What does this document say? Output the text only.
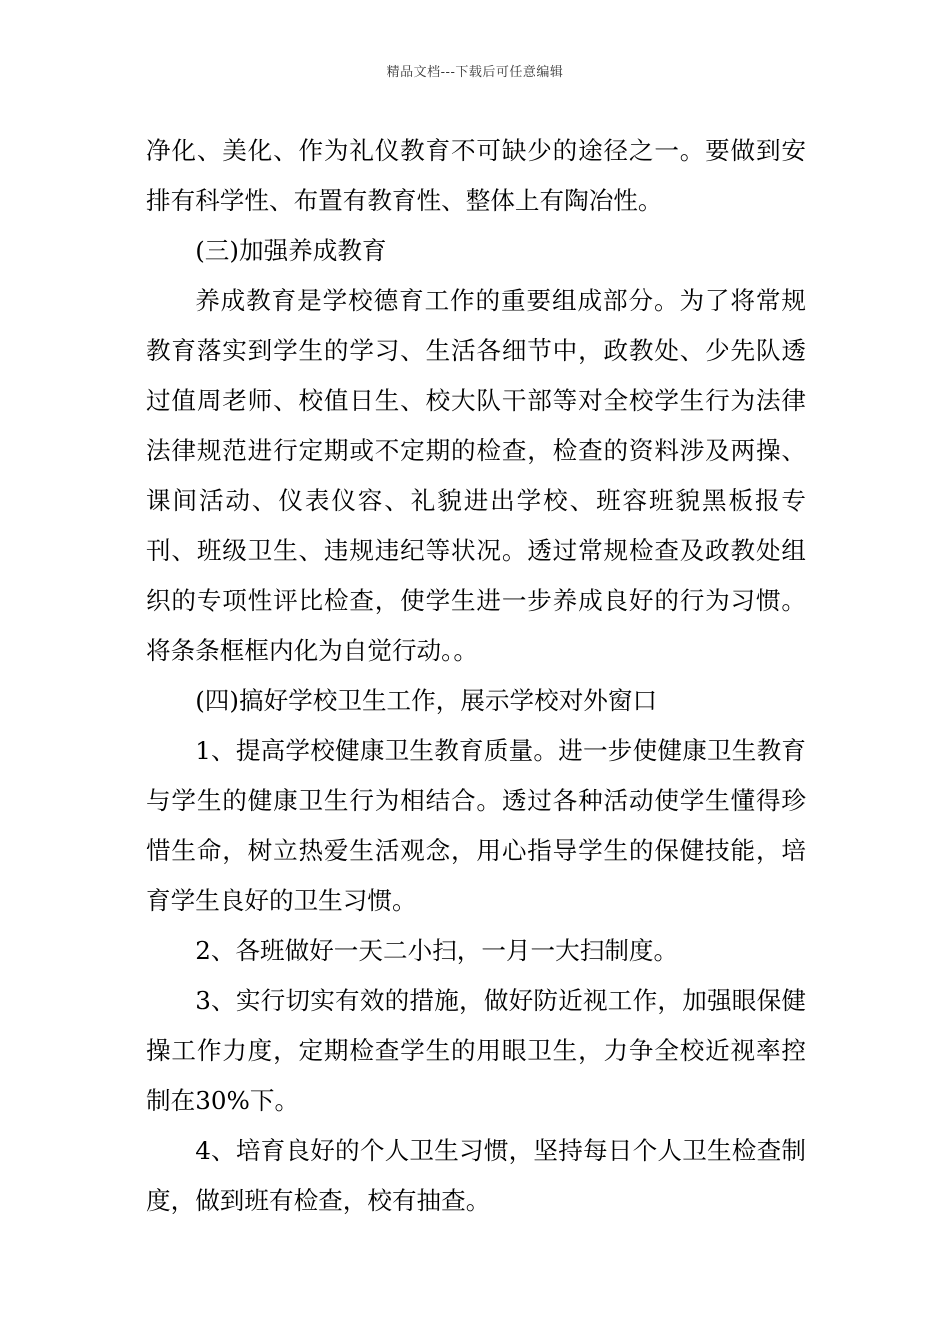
精品文档---下载后可任意编辑

净化、美化、作为礼仪教育不可缺少的途径之一。要做到安排有科学性、布置有教育性、整体上有陶冶性。

(三)加强养成教育

养成教育是学校德育工作的重要组成部分。为了将常规教育落实到学生的学习、生活各细节中，政教处、少先队透过值周老师、校值日生、校大队干部等对全校学生行为法律法律规范进行定期或不定期的检查，检查的资料涉及两操、课间活动、仪表仪容、礼貌进出学校、班容班貌黑板报专刊、班级卫生、违规违纪等状况。透过常规检查及政教处组织的专项性评比检查，使学生进一步养成良好的行为习惯。将条条框框内化为自觉行动。。

(四)搞好学校卫生工作，展示学校对外窗口

1、提高学校健康卫生教育质量。进一步使健康卫生教育与学生的健康卫生行为相结合。透过各种活动使学生懂得珍惜生命，树立热爱生活观念，用心指导学生的保健技能，培育学生良好的卫生习惯。

2、各班做好一天二小扫，一月一大扫制度。

3、实行切实有效的措施，做好防近视工作，加强眼保健操工作力度，定期检查学生的用眼卫生，力争全校近视率控制在30%下。

4、培育良好的个人卫生习惯，坚持每日个人卫生检查制度，做到班有检查，校有抽查。
